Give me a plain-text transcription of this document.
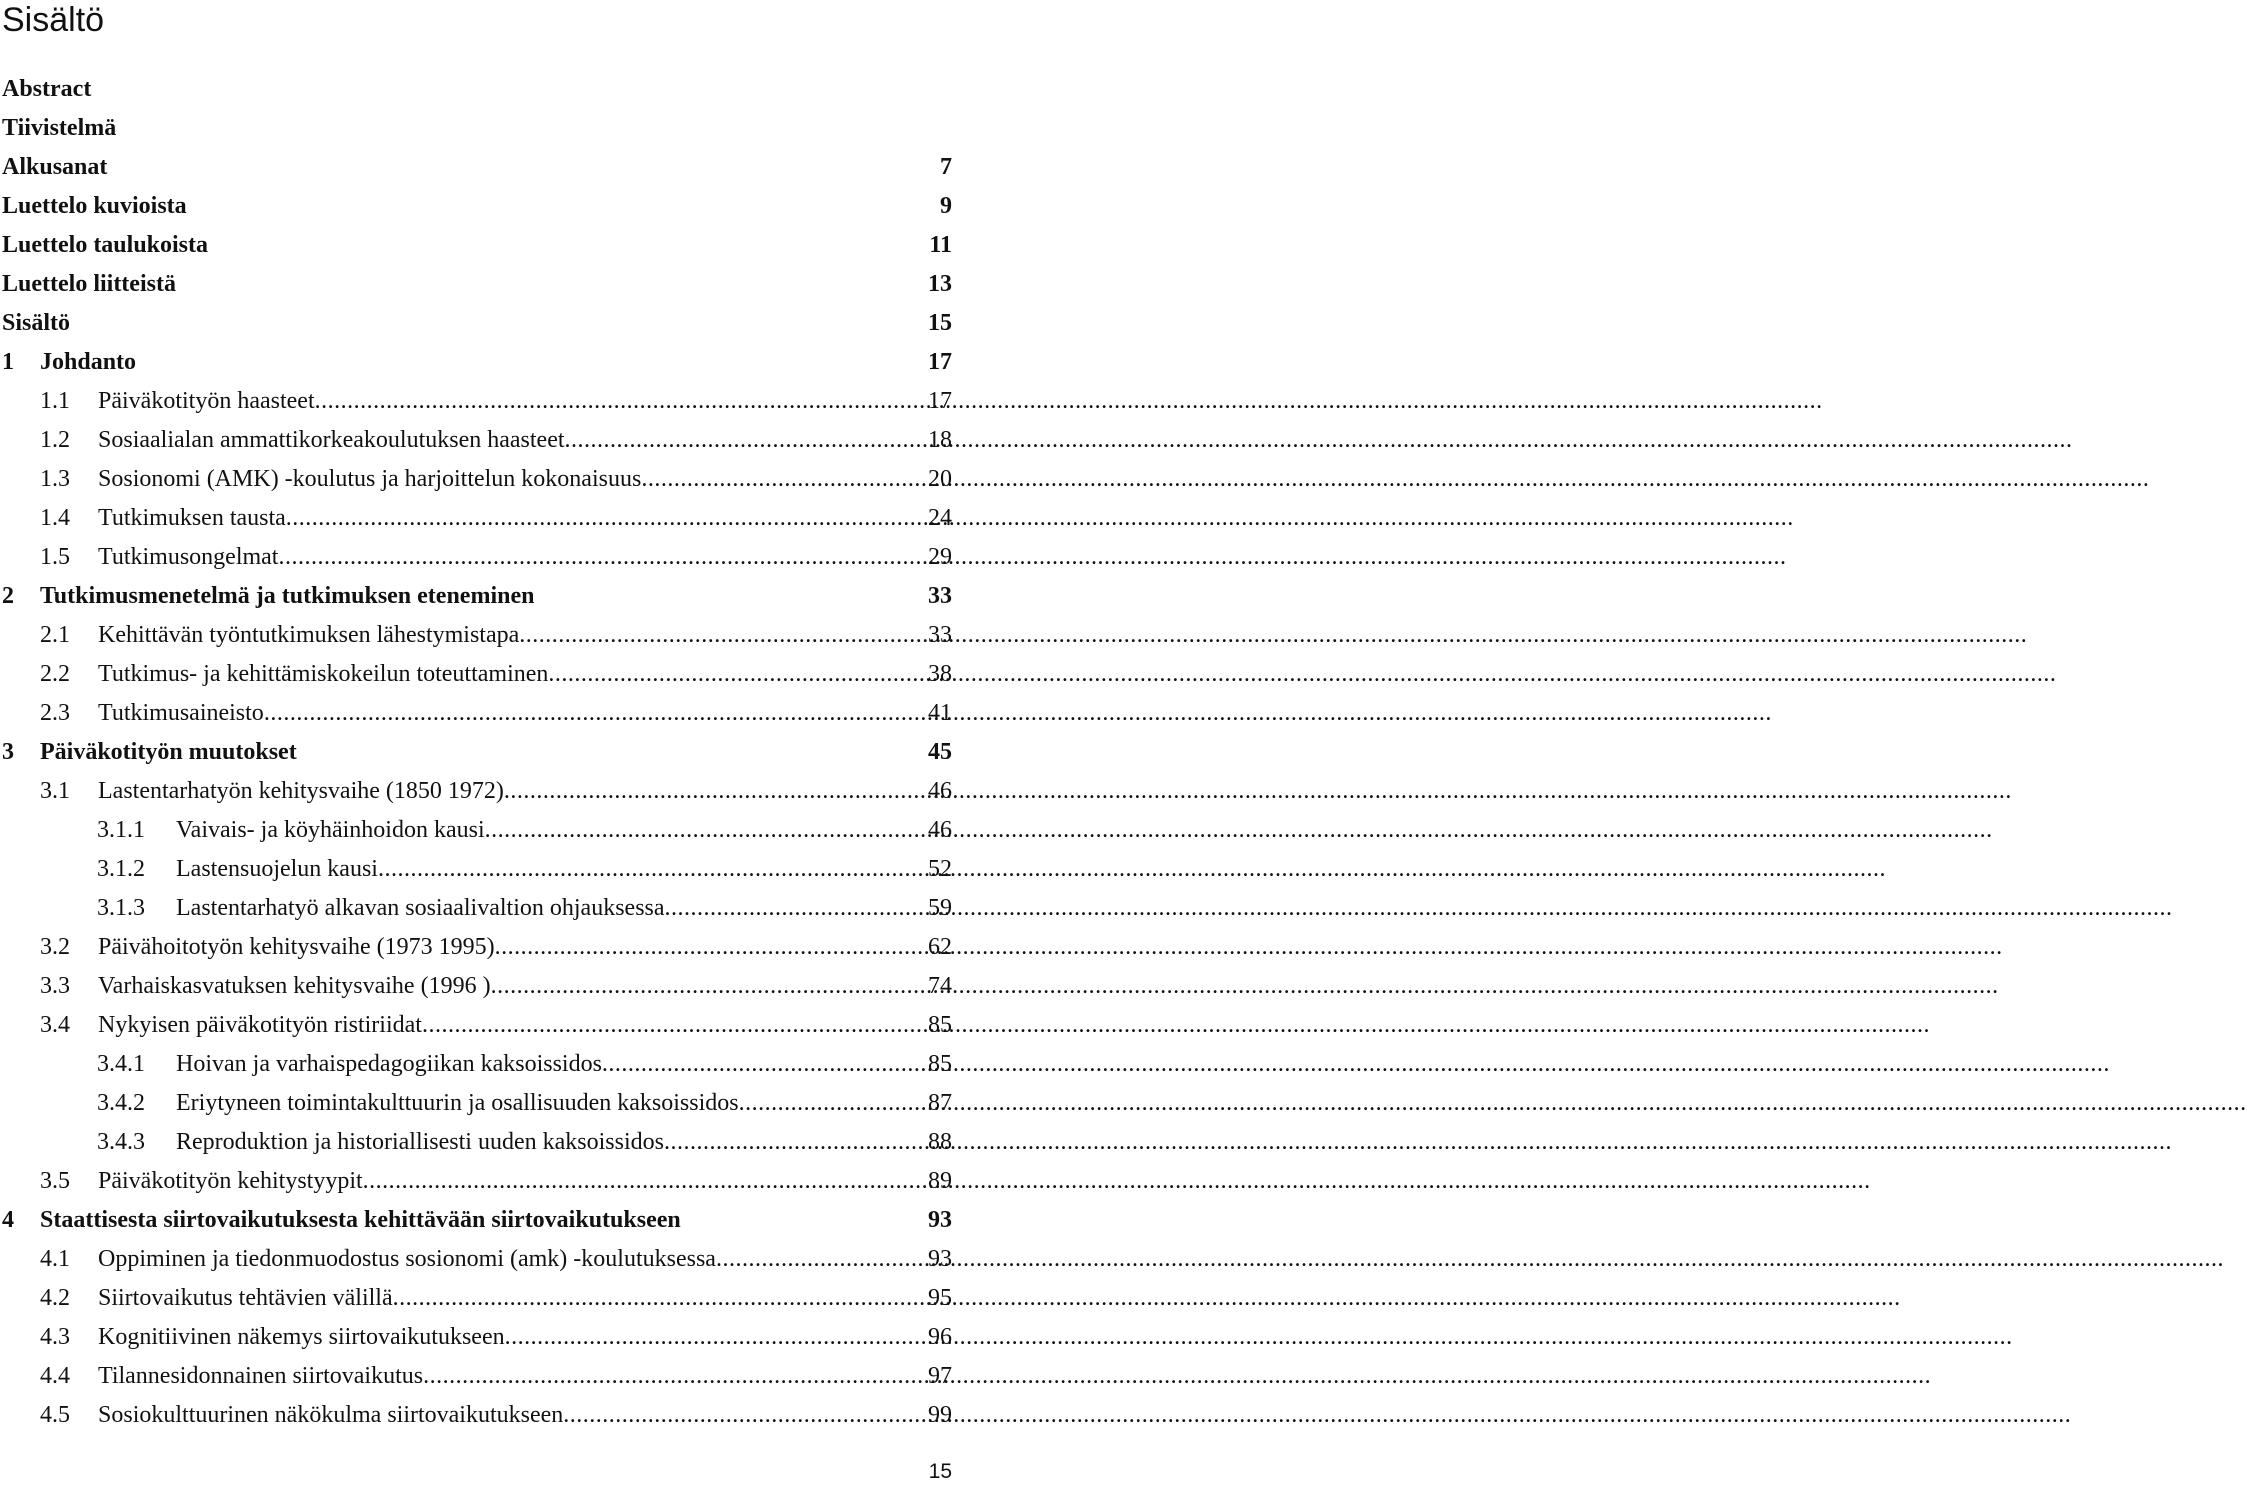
Sisältö
Abstract
Tiivistelmä
Alkusanat	7
Luettelo kuvioista	9
Luettelo taulukoista	11
Luettelo liitteistä	13
Sisältö	15
1	Johdanto	17
1.1	Päiväkotityön haasteet .....	17
1.2	Sosiaalialan ammattikorkeakoulutuksen haasteet .....	18
1.3	Sosionomi (AMK) -koulutus ja harjoittelun kokonaisuus .....	20
1.4	Tutkimuksen tausta .....	24
1.5	Tutkimusongelmat .....	29
2	Tutkimusmenetelmä ja tutkimuksen eteneminen	33
2.1	Kehittävän työntutkimuksen lähestymistapa .....	33
2.2	Tutkimus- ja kehittämiskokeilun toteuttaminen .....	38
2.3	Tutkimusaineisto .....	41
3	Päiväkotityön muutokset	45
3.1	Lastentarhatyön kehitysvaihe (1850 1972) .....	46
3.1.1	Vaivais- ja köyhäinhoidon kausi .....	46
3.1.2	Lastensuojelun kausi .....	52
3.1.3	Lastentarhatyö alkavan sosiaalivaltion ohjauksessa .....	59
3.2	Päivähoitotyön kehitysvaihe (1973 1995) .....	62
3.3	Varhaiskasvatuksen kehitysvaihe (1996 ) .....	74
3.4	Nykyisen päiväkotityön ristiriidat .....	85
3.4.1	Hoivan ja varhaispedagogiikan kaksoissidos .....	85
3.4.2	Eriytyneen toimintakulttuurin ja osallisuuden kaksoissidos .....	87
3.4.3	Reproduktion ja historiallisesti uuden kaksoissidos .....	88
3.5	Päiväkotityön kehitystyypit .....	89
4	Staattisesta siirtovaikutuksesta kehittävään siirtovaikutukseen	93
4.1	Oppiminen ja tiedonmuodostus sosionomi (amk) -koulutuksessa .....	93
4.2	Siirtovaikutus tehtävien välillä .....	95
4.3	Kognitiivinen näkemys siirtovaikutukseen .....	96
4.4	Tilannesidonnainen siirtovaikutus .....	97
4.5	Sosiokulttuurinen näkökulma siirtovaikutukseen .....	99
15
